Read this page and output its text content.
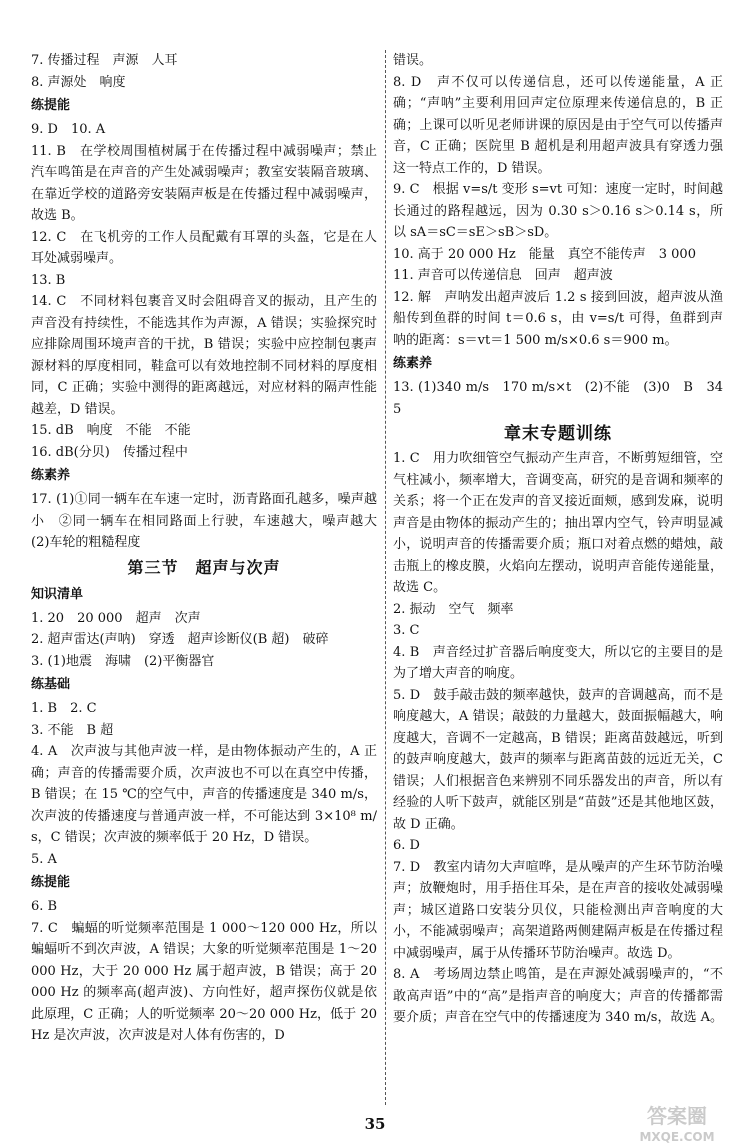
7. 传播过程　声源　人耳

8. 声源处　响度

练提能

9. D　10. A

11. B　在学校周围植树属于在传播过程中减弱噪声；禁止汽车鸣笛是在声音的产生处减弱噪声；教室安装隔音玻璃、在靠近学校的道路旁安装隔声板是在传播过程中减弱噪声，故选 B。

12. C　在飞机旁的工作人员配戴有耳罩的头盔，它是在人耳处减弱噪声。

13. B

14. C　不同材料包裹音叉时会阻碍音叉的振动，且产生的声音没有持续性，不能选其作为声源，A 错误；实验探究时应排除周围环境声音的干扰，B 错误；实验中应控制包裹声源材料的厚度相同，鞋盒可以有效地控制不同材料的厚度相同，C 正确；实验中测得的距离越远，对应材料的隔声性能越差，D 错误。

15. dB　响度　不能　不能

16. dB(分贝)　传播过程中

练素养

17. (1)①同一辆车在车速一定时，沥青路面孔越多，噪声越小　②同一辆车在相同路面上行驶，车速越大，噪声越大　(2)车轮的粗糙程度

第三节　超声与次声
知识清单

1. 20　20 000　超声　次声

2. 超声雷达(声呐)　穿透　超声诊断仪(B 超)　破碎

3. (1)地震　海啸　(2)平衡器官

练基础

1. B　2. C

3. 不能　B 超

4. A　次声波与其他声波一样，是由物体振动产生的，A 正确；声音的传播需要介质，次声波也不可以在真空中传播，B 错误；在 15 ℃的空气中，声音的传播速度是 340 m/s，次声波的传播速度与普通声波一样，不可能达到 3×10⁸ m/s，C 错误；次声波的频率低于 20 Hz，D 错误。

5. A

练提能

6. B

7. C　蝙蝠的听觉频率范围是 1 000～120 000 Hz，所以蝙蝠听不到次声波，A 错误；大象的听觉频率范围是 1～20 000 Hz，大于 20 000 Hz 属于超声波，B 错误；高于 20 000 Hz 的频率高(超声波)、方向性好，超声探伤仪就是依此原理，C 正确；人的听觉频率 20～20 000 Hz，低于 20 Hz 是次声波，次声波是对人体有伤害的，D

错误。

8. D　声不仅可以传递信息，还可以传递能量，A 正确；“声呐”主要利用回声定位原理来传递信息的，B 正确；上课可以听见老师讲课的原因是由于空气可以传播声音，C 正确；医院里 B 超机是利用超声波具有穿透力强这一特点工作的，D 错误。

9. C　根据 v=s/t 变形 s=vt 可知：速度一定时，时间越长通过的路程越远，因为 0.30 s＞0.16 s＞0.14 s，所以 sA＝sC＝sE＞sB＞sD。

10. 高于 20 000 Hz　能量　真空不能传声　3 000

11. 声音可以传递信息　回声　超声波

12. 解　声呐发出超声波后 1.2 s 接到回波，超声波从渔船传到鱼群的时间 t＝0.6 s，由 v=s/t 可得，鱼群到声呐的距离：s＝vt＝1 500 m/s×0.6 s＝900 m。

练素养

13. (1)340 m/s　170 m/s×t　(2)不能　(3)0　B　345

章末专题训练

1. C　用力吹细管空气振动产生声音，不断剪短细管，空气柱减小，频率增大，音调变高，研究的是音调和频率的关系；将一个正在发声的音叉接近面颊，感到发麻，说明声音是由物体的振动产生的；抽出罩内空气，铃声明显减小，说明声音的传播需要介质；瓶口对着点燃的蜡烛，敲击瓶上的橡皮膜，火焰向左摆动，说明声音能传递能量，故选 C。

2. 振动　空气　频率

3. C

4. B　声音经过扩音器后响度变大，所以它的主要目的是为了增大声音的响度。

5. D　鼓手敲击鼓的频率越快，鼓声的音调越高，而不是响度越大，A 错误；敲鼓的力量越大，鼓面振幅越大，响度越大，音调不一定越高，B 错误；距离苗鼓越远，听到的鼓声响度越大，鼓声的频率与距离苗鼓的远近无关，C 错误；人们根据音色来辨别不同乐器发出的声音，所以有经验的人听下鼓声，就能区别是“苗鼓”还是其他地区鼓，故 D 正确。

6. D

7. D　教室内请勿大声喧哗，是从噪声的产生环节防治噪声；放鞭炮时，用手捂住耳朵，是在声音的接收处减弱噪声；城区道路口安装分贝仪，只能检测出声音响度的大小，不能减弱噪声；高架道路两侧建隔声板是在传播过程中减弱噪声，属于从传播环节防治噪声。故选 D。

8. A　考场周边禁止鸣笛，是在声源处减弱噪声的，“不敢高声语”中的“高”是指声音的响度大；声音的传播都需要介质；声音在空气中的传播速度为 340 m/s，故选 A。

35	答案圈
MXQE.COM
